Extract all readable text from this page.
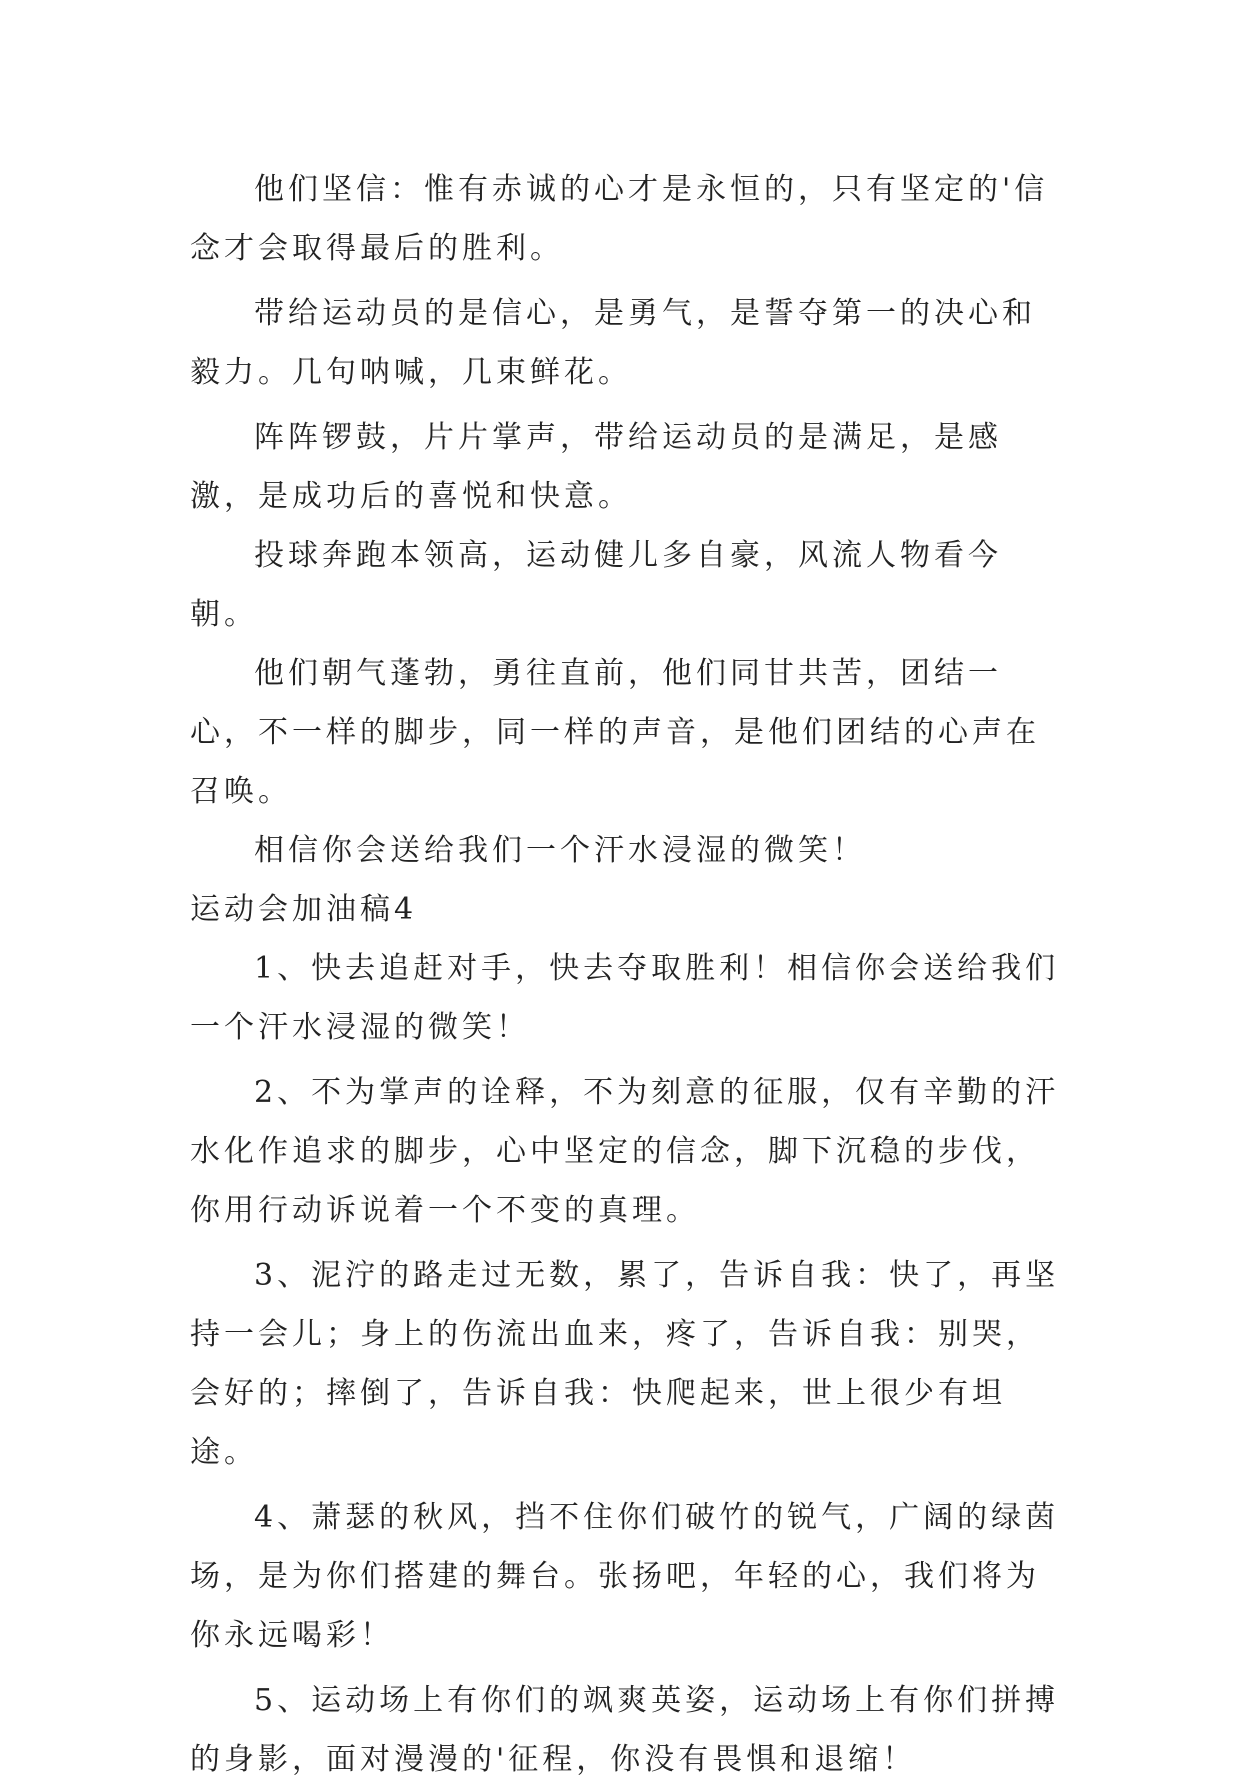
他们坚信：惟有赤诚的心才是永恒的，只有坚定的'信念才会取得最后的胜利。

带给运动员的是信心，是勇气，是誓夺第一的决心和毅力。几句呐喊，几束鲜花。

阵阵锣鼓，片片掌声，带给运动员的是满足，是感激，是成功后的喜悦和快意。

投球奔跑本领高，运动健儿多自豪，风流人物看今朝。

他们朝气蓬勃，勇往直前，他们同甘共苦，团结一心，不一样的脚步，同一样的声音，是他们团结的心声在召唤。

相信你会送给我们一个汗水浸湿的微笑！

运动会加油稿4

1、快去追赶对手，快去夺取胜利！相信你会送给我们一个汗水浸湿的微笑！

2、不为掌声的诠释，不为刻意的征服，仅有辛勤的汗水化作追求的脚步，心中坚定的信念，脚下沉稳的步伐，你用行动诉说着一个不变的真理。

3、泥泞的路走过无数，累了，告诉自我：快了，再坚持一会儿；身上的伤流出血来，疼了，告诉自我：别哭，会好的；摔倒了，告诉自我：快爬起来，世上很少有坦途。

4、萧瑟的秋风，挡不住你们破竹的锐气，广阔的绿茵场，是为你们搭建的舞台。张扬吧，年轻的心，我们将为你永远喝彩！

5、运动场上有你们的飒爽英姿，运动场上有你们拼搏的身影，面对漫漫的'征程，你没有畏惧和退缩！
